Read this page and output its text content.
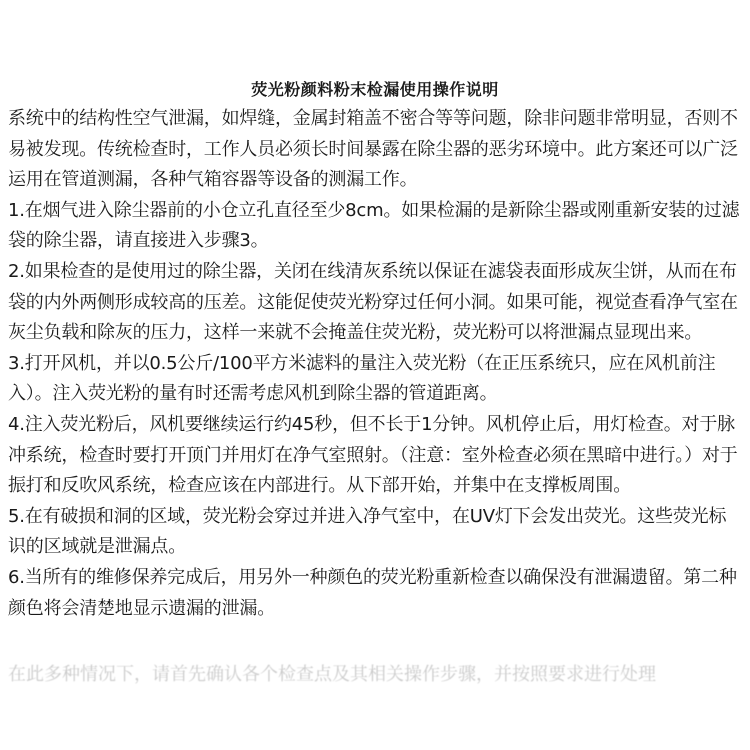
荧光粉颜料粉末检漏使用操作说明

系统中的结构性空气泄漏，如焊缝，金属封箱盖不密合等等问题，除非问题非常明显，否则不易被发现。传统检查时，工作人员必须长时间暴露在除尘器的恶劣环境中。此方案还可以广泛运用在管道测漏，各种气箱容器等设备的测漏工作。

1.在烟气进入除尘器前的小仓立孔直径至少8cm。如果检漏的是新除尘器或刚重新安装的过滤袋的除尘器，请直接进入步骤3。

2.如果检查的是使用过的除尘器，关闭在线清灰系统以保证在滤袋表面形成灰尘饼，从而在布袋的内外两侧形成较高的压差。这能促使荧光粉穿过任何小洞。如果可能，视觉查看净气室在灰尘负载和除灰的压力，这样一来就不会掩盖住荧光粉，荧光粉可以将泄漏点显现出来。

3.打开风机，并以0.5公斤/100平方米滤料的量注入荧光粉（在正压系统只，应在风机前注入）。注入荧光粉的量有时还需考虑风机到除尘器的管道距离。

4.注入荧光粉后，风机要继续运行约45秒，但不长于1分钟。风机停止后，用灯检查。对于脉冲系统，检查时要打开顶门并用灯在净气室照射。（注意：室外检查必须在黑暗中进行。）对于振打和反吹风系统，检查应该在内部进行。从下部开始，并集中在支撑板周围。

5.在有破损和洞的区域，荧光粉会穿过并进入净气室中，在UV灯下会发出荧光。这些荧光标识的区域就是泄漏点。

6.当所有的维修保养完成后，用另外一种颜色的荧光粉重新检查以确保没有泄漏遗留。第二种颜色将会清楚地显示遗漏的泄漏。

在此多种情况下，请首先确认各个检查点及其相关操作步骤，并按照要求进行处理
